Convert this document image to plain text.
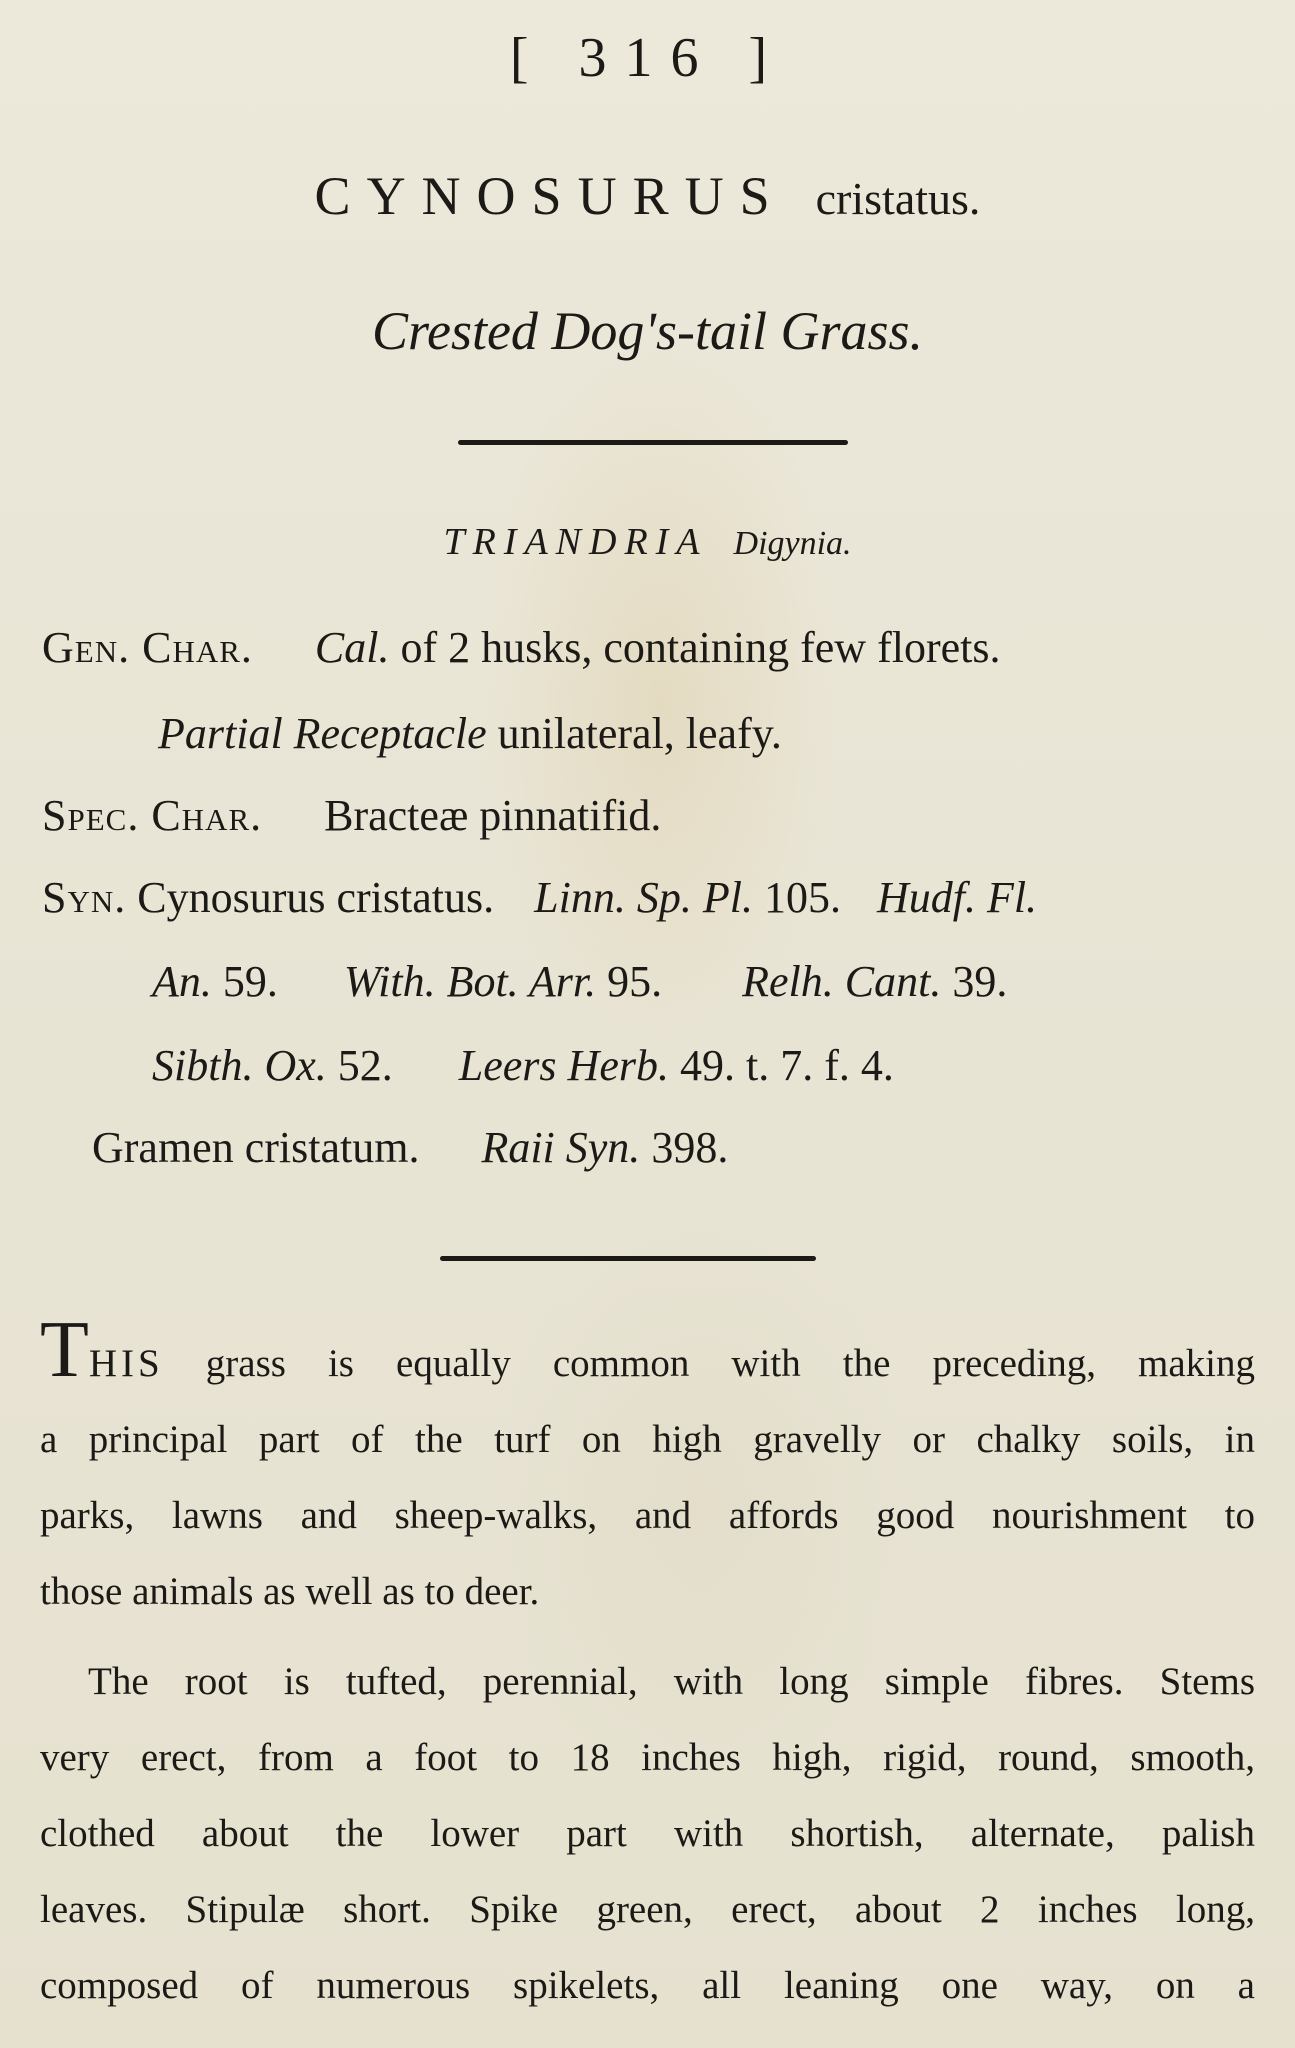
[ 316 ]
CYNOSURUS cristatus.
Crested Dog's-tail Grass.
TRIANDRIA Digynia.
Gen. Char. Cal. of 2 husks, containing few florets.
Partial Receptacle unilateral, leafy.
Spec. Char. Bracteæ pinnatifid.
Syn. Cynosurus cristatus. Linn. Sp. Pl. 105. Hudf. Fl.
An. 59. With. Bot. Arr. 95. Relh. Cant. 39.
Sibth. Ox. 52. Leers Herb. 49. t. 7. f. 4.
Gramen cristatum. Raii Syn. 398.
THIS grass is equally common with the preceding, making
a principal part of the turf on high gravelly or chalky soils, in
parks, lawns and sheep-walks, and affords good nourishment to
those animals as well as to deer.
The root is tufted, perennial, with long simple fibres. Stems
very erect, from a foot to 18 inches high, rigid, round, smooth,
clothed about the lower part with shortish, alternate, palish
leaves. Stipulæ short. Spike green, erect, about 2 inches long,
composed of numerous spikelets, all leaning one way, on a
